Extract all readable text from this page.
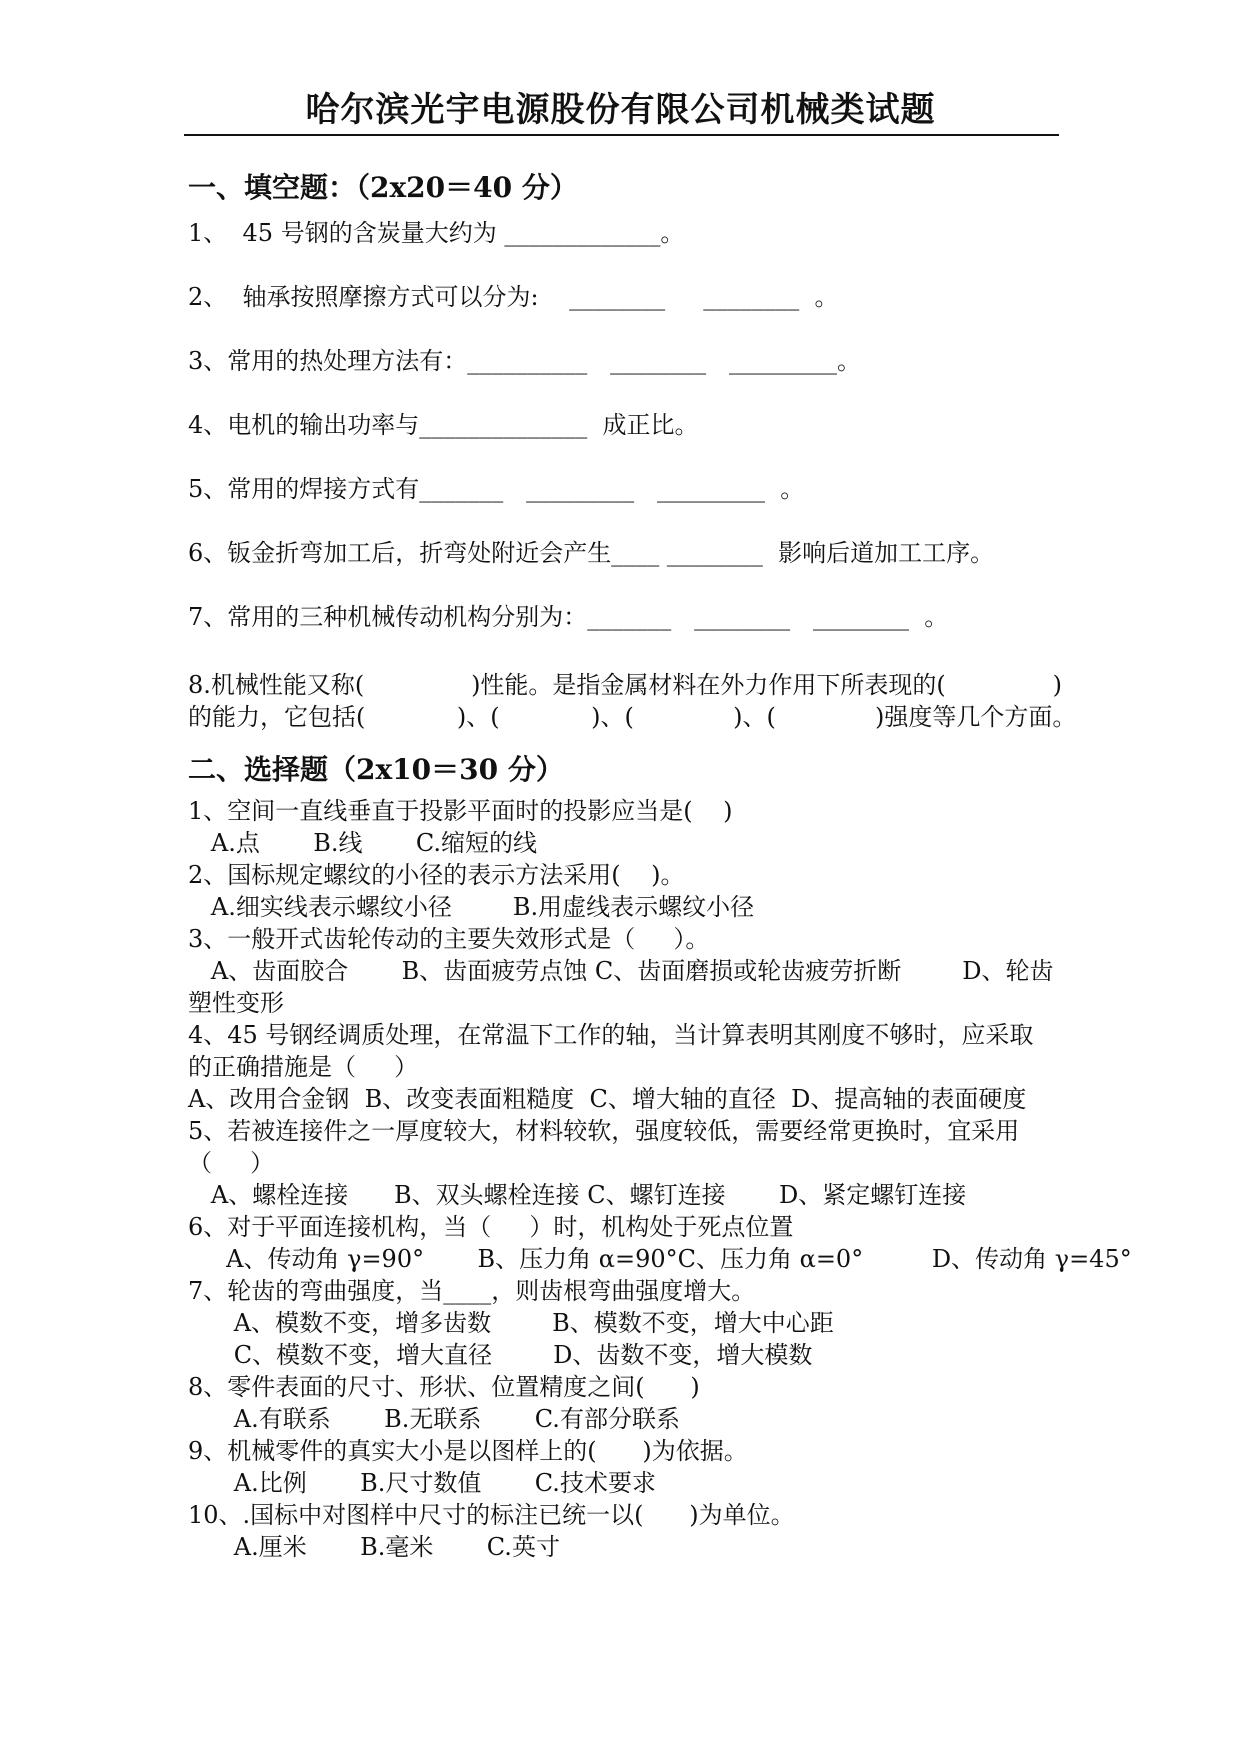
哈尔滨光宇电源股份有限公司机械类试题
一、填空题：（2x20＝40 分）
1、  45 号钢的含炭量大约为 _____________。
2、  轴承按照摩擦方式可以分为:    ________     ________  。
3、常用的热处理方法有：__________   ________   _________。
4、电机的输出功率与______________  成正比。
5、常用的焊接方式有_______   _________   _________  。
6、钣金折弯加工后，折弯处附近会产生____ ________  影响后道加工工序。
7、常用的三种机械传动机构分别为：_______   ________   ________  。
8.机械性能又称(              )性能。是指金属材料在外力作用下所表现的(              )
的能力，它包括(            )、(            )、(             )、(             )强度等几个方面。
二、选择题（2x10＝30 分）
1、空间一直线垂直于投影平面时的投影应当是(    )
A.点       B.线       C.缩短的线
2、国标规定螺纹的小径的表示方法采用(    )。
A.细实线表示螺纹小径        B.用虚线表示螺纹小径
3、一般开式齿轮传动的主要失效形式是（     ）。
A、齿面胶合       B、齿面疲劳点蚀 C、齿面磨损或轮齿疲劳折断        D、轮齿
塑性变形
4、45 号钢经调质处理，在常温下工作的轴，当计算表明其刚度不够时，应采取
的正确措施是（     ）
A、改用合金钢  B、改变表面粗糙度  C、增大轴的直径  D、提高轴的表面硬度
5、若被连接件之一厚度较大，材料较软，强度较低，需要经常更换时，宜采用
（     ）
A、螺栓连接      B、双头螺栓连接 C、螺钉连接       D、紧定螺钉连接
6、对于平面连接机构，当（     ）时，机构处于死点位置
A、传动角 γ=90°       B、压力角 α=90°C、压力角 α=0°         D、传动角 γ=45°
7、轮齿的弯曲强度，当____，则齿根弯曲强度增大。
A、模数不变，增多齿数        B、模数不变，增大中心距
C、模数不变，增大直径        D、齿数不变，增大模数
8、零件表面的尺寸、形状、位置精度之间(      )
A.有联系       B.无联系       C.有部分联系
9、机械零件的真实大小是以图样上的(      )为依据。
A.比例       B.尺寸数值       C.技术要求
10、.国标中对图样中尺寸的标注已统一以(      )为单位。
A.厘米       B.毫米       C.英寸
